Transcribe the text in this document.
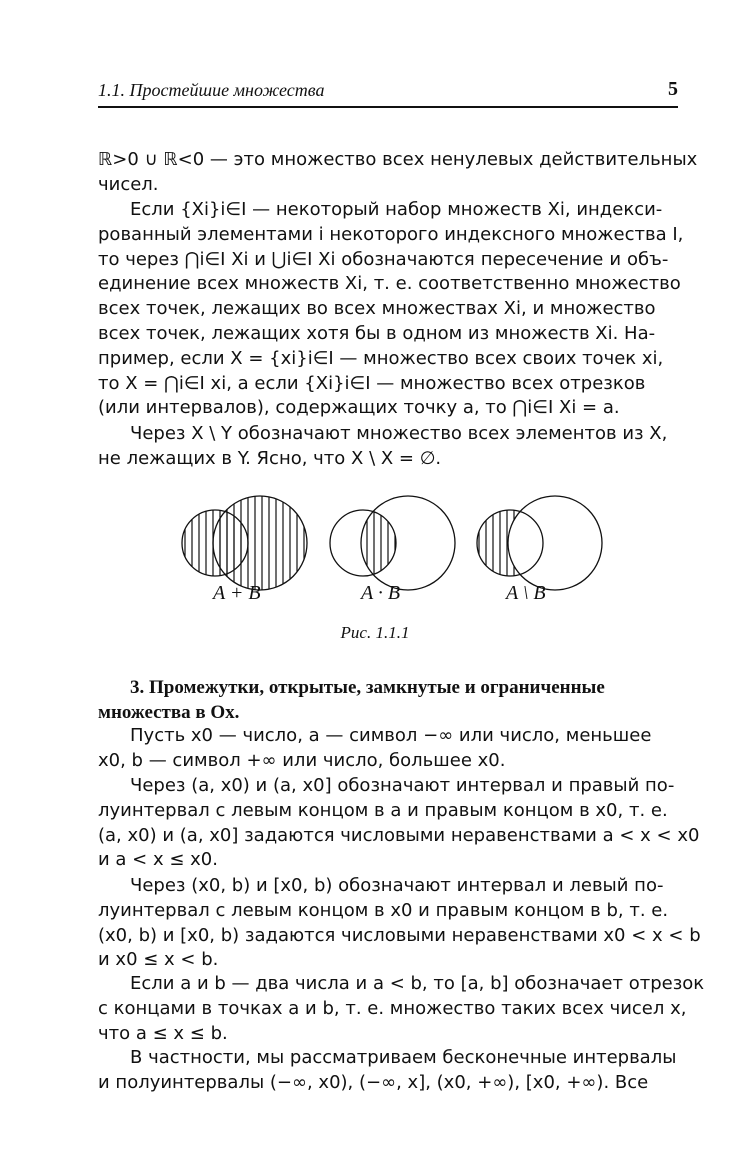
1.1. Простейшие множества	5
ℝ>0 ∪ ℝ<0 — это множество всех ненулевых действительных
чисел.
Если {Xi}i∈I — некоторый набор множеств Xi, индекси-
рованный элементами i некоторого индексного множества I,
то через ⋂i∈I Xi и ⋃i∈I Xi обозначаются пересечение и объ-
единение всех множеств Xi, т. е. соответственно множество
всех точек, лежащих во всех множествах Xi, и множество
всех точек, лежащих хотя бы в одном из множеств Xi. На-
пример, если X = {xi}i∈I — множество всех своих точек xi,
то X = ⋂i∈I xi, а если {Xi}i∈I — множество всех отрезков
(или интервалов), содержащих точку a, то ⋂i∈I Xi = a.
Через X \ Y обозначают множество всех элементов из X,
не лежащих в Y. Ясно, что X \ X = ∅.
A + B	A · B	A \ B
Рис. 1.1.1
3. Промежутки, открытые, замкнутые и ограниченные
множества в Ox.
Пусть x0 — число, a — символ −∞ или число, меньшее
x0, b — символ +∞ или число, большее x0.
Через (a, x0) и (a, x0] обозначают интервал и правый по-
луинтервал с левым концом в a и правым концом в x0, т. е.
(a, x0) и (a, x0] задаются числовыми неравенствами a < x < x0
и a < x ≤ x0.
Через (x0, b) и [x0, b) обозначают интервал и левый по-
луинтервал с левым концом в x0 и правым концом в b, т. е.
(x0, b) и [x0, b) задаются числовыми неравенствами x0 < x < b
и x0 ≤ x < b.
Если a и b — два числа и a < b, то [a, b] обозначает отрезок
с концами в точках a и b, т. е. множество таких всех чисел x,
что a ≤ x ≤ b.
В частности, мы рассматриваем бесконечные интервалы
и полуинтервалы (−∞, x0), (−∞, x], (x0, +∞), [x0, +∞). Все
